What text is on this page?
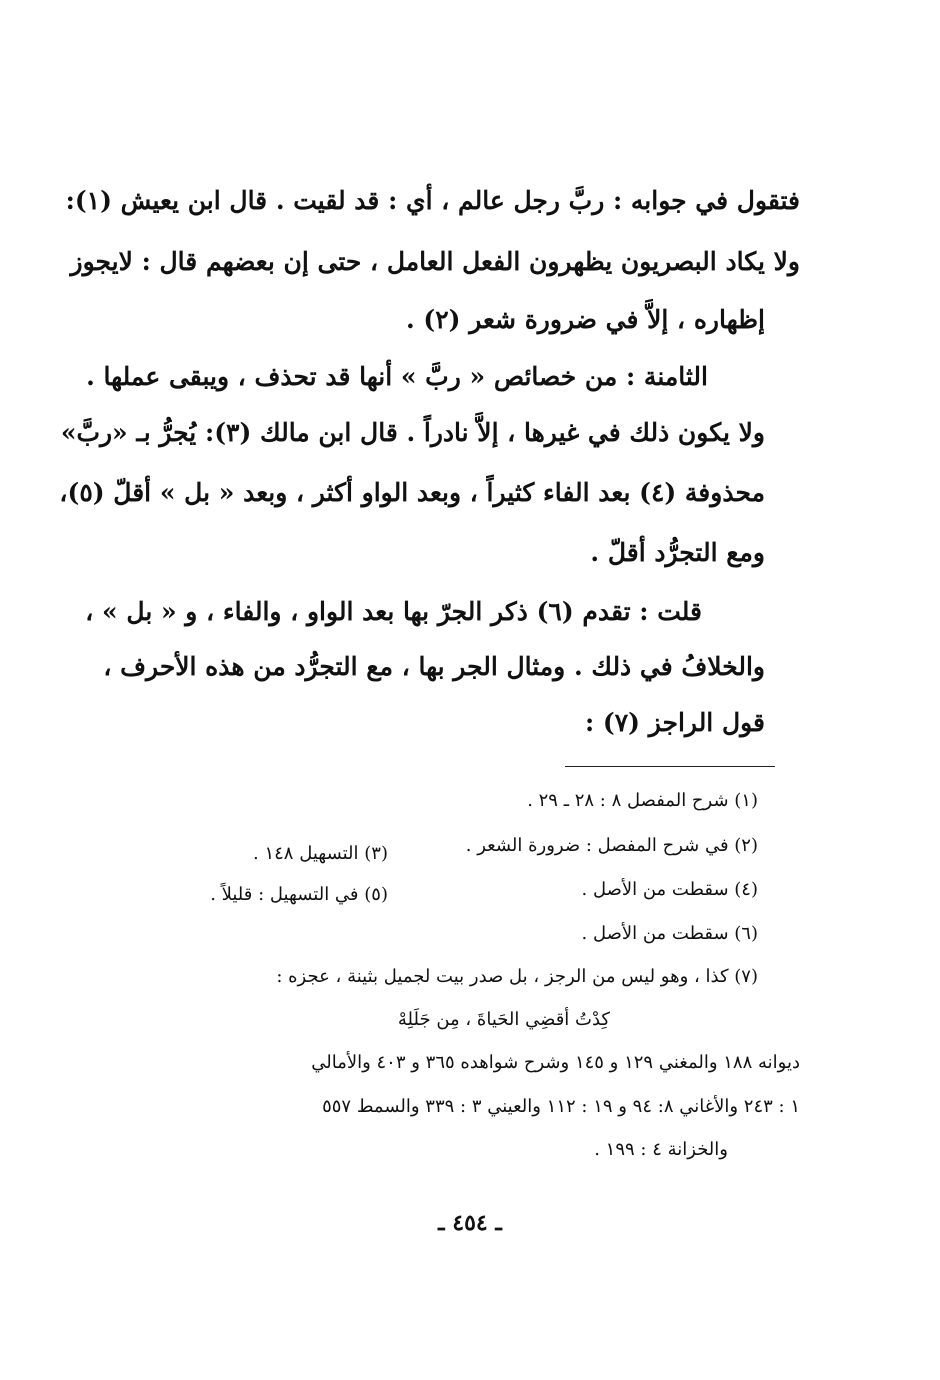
فتقول في جوابه : ربَّ رجل عالم ، أي : قد لقيت . قال ابن يعيش (١):
ولا يكاد البصريون يظهرون الفعل العامل ، حتى إن بعضهم قال : لايجوز
إظهاره ، إلاَّ في ضرورة شعر (٢) .
الثامنة : من خصائص « ربَّ » أنها قد تحذف ، ويبقى عملها .
ولا يكون ذلك في غيرها ، إلاَّ نادراً . قال ابن مالك (٣): يُجرُّ بـ «ربَّ»
محذوفة (٤) بعد الفاء كثيراً ، وبعد الواو أكثر ، وبعد « بل » أقلّ (٥)،
ومع التجرُّد أقلّ .
قلت : تقدم (٦) ذكر الجرّ بها بعد الواو ، والفاء ، و « بل » ،
والخلافُ في ذلك . ومثال الجر بها ، مع التجرُّد من هذه الأحرف ،
قول الراجز (٧) :
(١) شرح المفصل ٨ : ٢٨ ـ ٢٩ .
(٢) في شرح المفصل : ضرورة الشعر .
(٣) التسهيل ١٤٨ .
(٤) سقطت من الأصل .
(٥) في التسهيل : قليلاً .
(٦) سقطت من الأصل .
(٧) كذا ، وهو ليس من الرجز ، بل صدر بيت لجميل بثينة ، عجزه :
كِدْتُ أقضِي الحَياةَ ، مِن جَلَلِهْ
ديوانه ١٨٨ والمغني ١٢٩ و ١٤٥ وشرح شواهده ٣٦٥ و ٤٠٣ والأمالي
١ : ٢٤٣ والأغاني ٨: ٩٤ و ١٩ : ١١٢ والعيني ٣ : ٣٣٩ والسمط ٥٥٧
والخزانة ٤ : ١٩٩ .
ـ ٤٥٤ ـ
